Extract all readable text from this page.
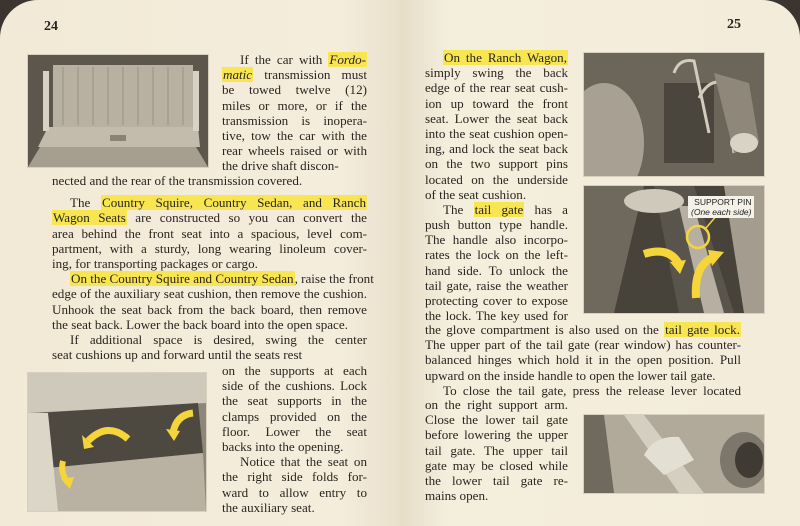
24
If the car with Fordo-
matic transmission must
be towed twelve (12)
miles or more, or if the
transmission is inopera-
tive, tow the car with the
rear wheels raised or with
the drive shaft discon-
nected and the rear of the transmission covered.
The Country Squire, Country Sedan, and Ranch
Wagon Seats are constructed so you can convert the
area behind the front seat into a spacious, level com-
partment, with a sturdy, long wearing linoleum cover-
ing, for transporting packages or cargo.
On the Country Squire and Country Sedan, raise the front
edge of the auxiliary seat cushion, then remove the cushion.
Unhook the seat back from the back board, then remove
the seat back. Lower the back board into the open space.
If additional space is desired, swing the center
seat cushions up and forward until the seats rest
on the supports at each
side of the cushions. Lock
the seat supports in the
clamps provided on the
floor. Lower the seat
backs into the opening.
Notice that the seat on
the right side folds for-
ward to allow entry to
the auxiliary seat.
25
SUPPORT PIN
(One each side)
On the Ranch Wagon,
simply swing the back
edge of the rear seat cush-
ion up toward the front
seat. Lower the seat back
into the seat cushion open-
ing, and lock the seat back
on the two support pins
located on the underside
of the seat cushion.
The tail gate has a
push button type handle.
The handle also incorpo-
rates the lock on the left-
hand side. To unlock the
tail gate, raise the weather
protecting cover to expose
the lock. The key used for
the glove compartment is also used on the tail gate lock.
The upper part of the tail gate (rear window) has counter-
balanced hinges which hold it in the open position. Pull
upward on the inside handle to open the lower tail gate.
To close the tail gate, press the release lever located
on the right support arm.
Close the lower tail gate
before lowering the upper
tail gate. The upper tail
gate may be closed while
the lower tail gate re-
mains open.
